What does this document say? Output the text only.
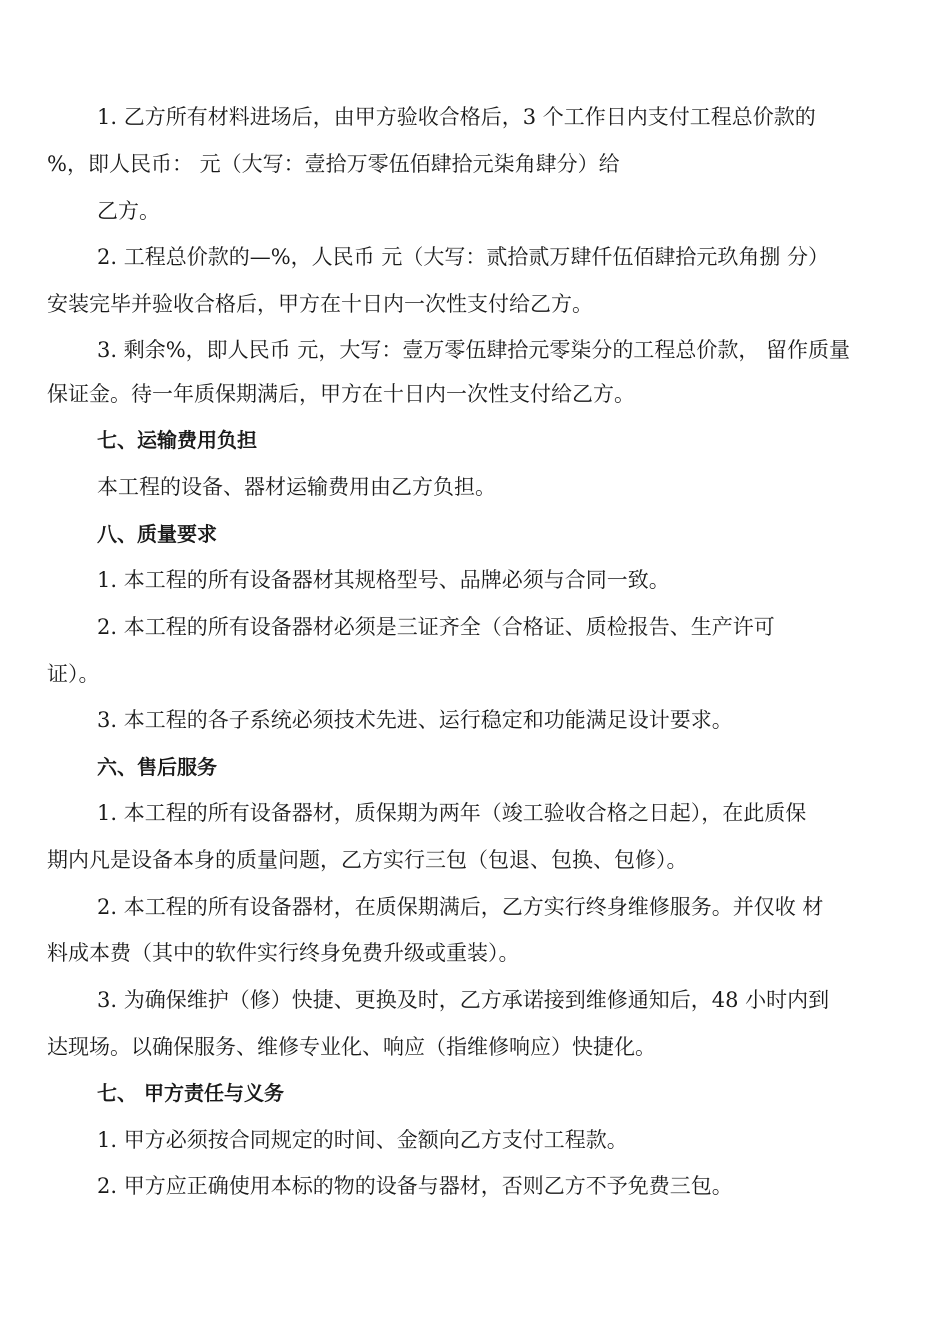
1. 乙方所有材料进场后，由甲方验收合格后，3 个工作日内支付工程总价款的
%，即人民币： 元（大写：壹拾万零伍佰肆拾元柒角肆分）给
乙方。
2. 工程总价款的—%，人民币 元（大写：贰拾贰万肆仟伍佰肆拾元玖角捌 分）
安装完毕并验收合格后，甲方在十日内一次性支付给乙方。
3. 剩余%，即人民币 元，大写：壹万零伍肆拾元零柒分的工程总价款， 留作质量
保证金。待一年质保期满后，甲方在十日内一次性支付给乙方。
七、运输费用负担
本工程的设备、器材运输费用由乙方负担。
八、质量要求
1. 本工程的所有设备器材其规格型号、品牌必须与合同一致。
2. 本工程的所有设备器材必须是三证齐全（合格证、质检报告、生产许可
证）。
3. 本工程的各子系统必须技术先进、运行稳定和功能满足设计要求。
六、售后服务
1. 本工程的所有设备器材，质保期为两年（竣工验收合格之日起），在此质保
期内凡是设备本身的质量问题，乙方实行三包（包退、包换、包修）。
2. 本工程的所有设备器材，在质保期满后，乙方实行终身维修服务。并仅收 材
料成本费（其中的软件实行终身免费升级或重装）。
3. 为确保维护（修）快捷、更换及时，乙方承诺接到维修通知后，48 小时内到
达现场。以确保服务、维修专业化、响应（指维修响应）快捷化。
七、 甲方责任与义务
1. 甲方必须按合同规定的时间、金额向乙方支付工程款。
2. 甲方应正确使用本标的物的设备与器材，否则乙方不予免费三包。
